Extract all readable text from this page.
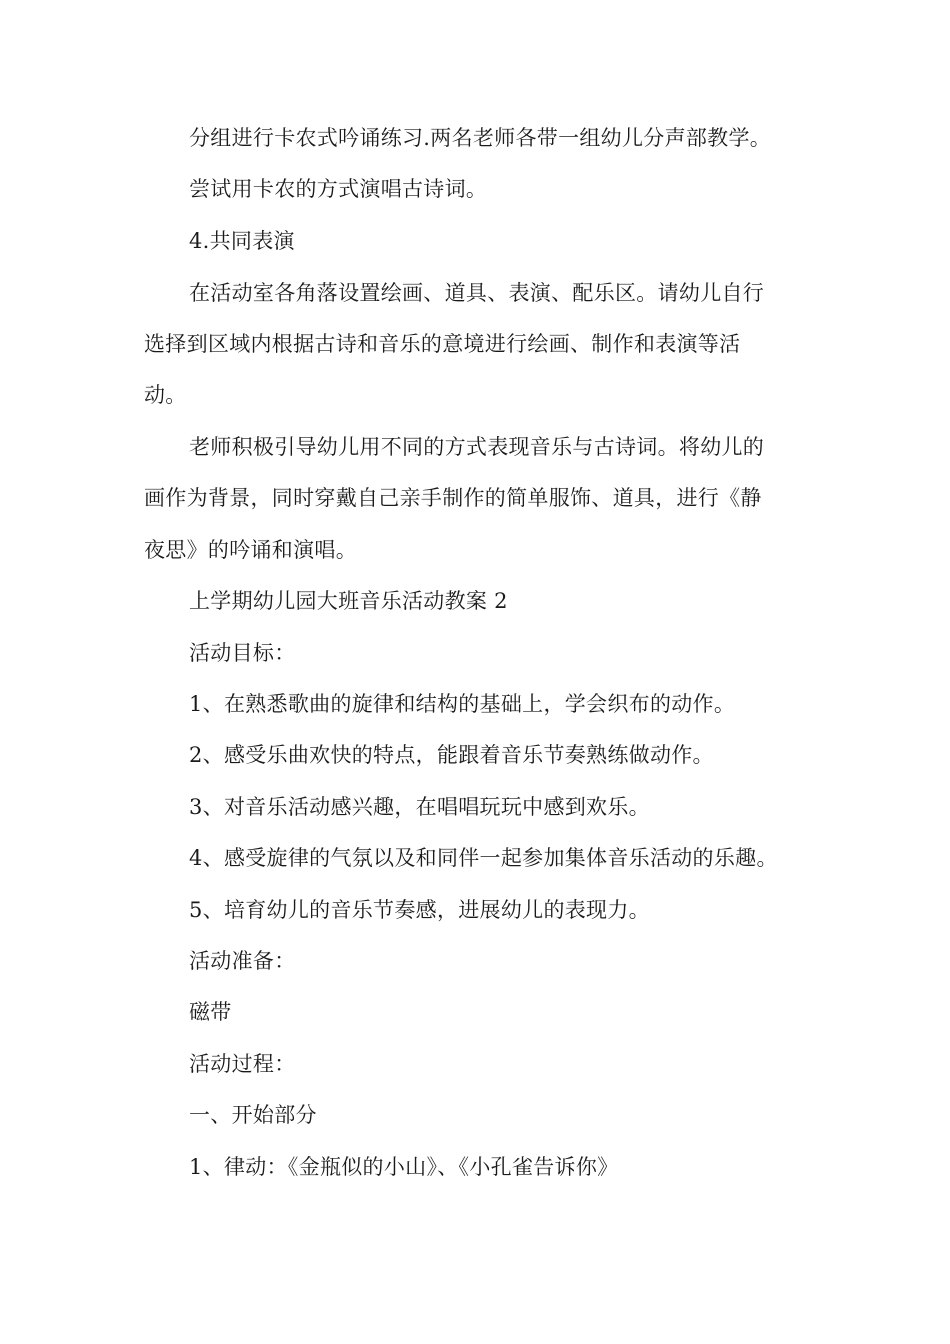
分组进行卡农式吟诵练习.两名老师各带一组幼儿分声部教学。
尝试用卡农的方式演唱古诗词。
4.共同表演
在活动室各角落设置绘画、道具、表演、配乐区。请幼儿自行
选择到区域内根据古诗和音乐的意境进行绘画、制作和表演等活
动。
老师积极引导幼儿用不同的方式表现音乐与古诗词。将幼儿的
画作为背景，同时穿戴自己亲手制作的简单服饰、道具，进行《静
夜思》的吟诵和演唱。
上学期幼儿园大班音乐活动教案 2
活动目标：
1、在熟悉歌曲的旋律和结构的基础上，学会织布的动作。
2、感受乐曲欢快的特点，能跟着音乐节奏熟练做动作。
3、对音乐活动感兴趣，在唱唱玩玩中感到欢乐。
4、感受旋律的气氛以及和同伴一起参加集体音乐活动的乐趣。
5、培育幼儿的音乐节奏感，进展幼儿的表现力。
活动准备：
磁带
活动过程：
一、开始部分
1、律动：《金瓶似的小山》、《小孔雀告诉你》
